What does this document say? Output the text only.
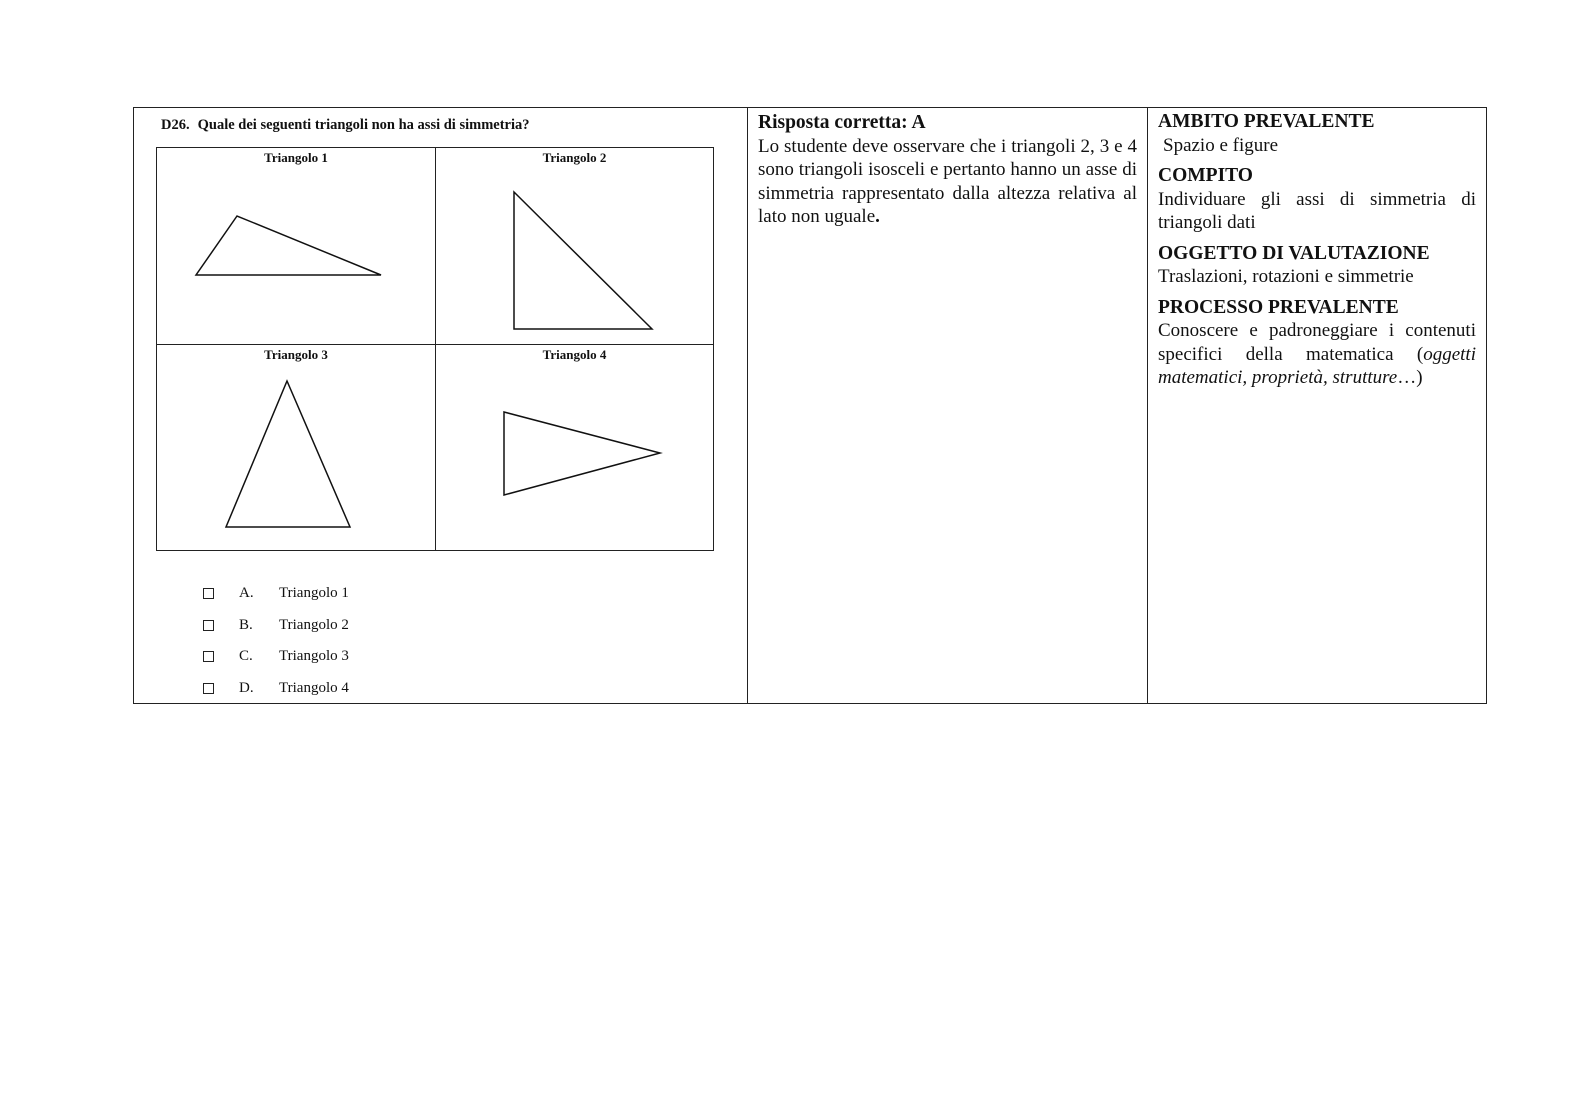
D26. Quale dei seguenti triangoli non ha assi di simmetria?
Triangolo 1	Triangolo 2
Triangolo 3	Triangolo 4
A.	Triangolo 1
B.	Triangolo 2
C.	Triangolo 3
D.	Triangolo 4
Risposta corretta: A
Lo studente deve osservare che i triangoli 2, 3 e 4 sono triangoli isosceli e pertanto hanno un asse di simmetria rappresentato dalla altezza relativa al lato non uguale.
AMBITO PREVALENTE
Spazio e figure
COMPITO
Individuare gli assi di simmetria di triangoli dati
OGGETTO DI VALUTAZIONE
Traslazioni, rotazioni e simmetrie
PROCESSO PREVALENTE
Conoscere e padroneggiare i contenuti specifici della matematica (oggetti matematici, proprietà, strutture…)
